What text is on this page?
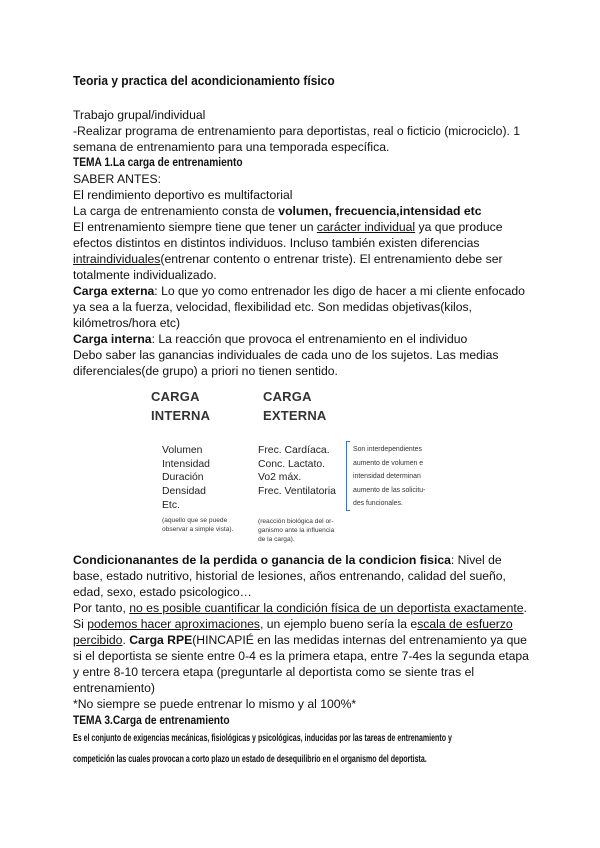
Teoria y practica del acondicionamiento físico
Trabajo grupal/individual
-Realizar programa de entrenamiento para deportistas, real o ficticio (microciclo). 1
semana de entrenamiento para una temporada específica.
TEMA 1.La carga de entrenamiento
SABER ANTES:
El rendimiento deportivo es multifactorial
La carga de entrenamiento consta de volumen, frecuencia,intensidad etc
El entrenamiento siempre tiene que tener un carácter individual ya que produce
efectos distintos en distintos individuos. Incluso también existen diferencias
intraindividuales(entrenar contento o entrenar triste). El entrenamiento debe ser
totalmente individualizado.
Carga externa: Lo que yo como entrenador les digo de hacer a mi cliente enfocado
ya sea a la fuerza, velocidad, flexibilidad etc. Son medidas objetivas(kilos,
kilómetros/hora etc)
Carga interna: La reacción que provoca el entrenamiento en el individuo
Debo saber las ganancias individuales de cada uno de los sujetos. Las medias
diferenciales(de grupo) a priori no tienen sentido.
CARGA
INTERNA
CARGA
EXTERNA
Volumen
Intensidad
Duración
Densidad
Etc.
(aquello que se puede
observar a simple vista).
Frec. Cardíaca.
Conc. Lactato.
Vo2 máx.
Frec. Ventilatoria
(reacción biológica del or-
ganismo ante la influencia
de la carga).
Son interdependientes
aumento de volumen e
intensidad determinan
aumento de las solicitu-
des funcionales.
Condicionanantes de la perdida o ganancia de la condicion fisica: Nivel de
base, estado nutritivo, historial de lesiones, años entrenando, calidad del sueño,
edad, sexo, estado psicologico…
Por tanto, no es posible cuantificar la condición física de un deportista exactamente.
Si podemos hacer aproximaciones, un ejemplo bueno sería la escala de esfuerzo
percibido. Carga RPE(HINCAPIÉ en las medidas internas del entrenamiento ya que
si el deportista se siente entre 0-4 es la primera etapa, entre 7-4es la segunda etapa
y entre 8-10 tercera etapa (preguntarle al deportista como se siente tras el
entrenamiento)
*No siempre se puede entrenar lo mismo y al 100%*
TEMA 3.Carga de entrenamiento
Es el conjunto de exigencias mecánicas, fisiológicas y psicológicas, inducidas por las tareas de entrenamiento y
competición las cuales provocan a corto plazo un estado de desequilibrio en el organismo del deportista.
